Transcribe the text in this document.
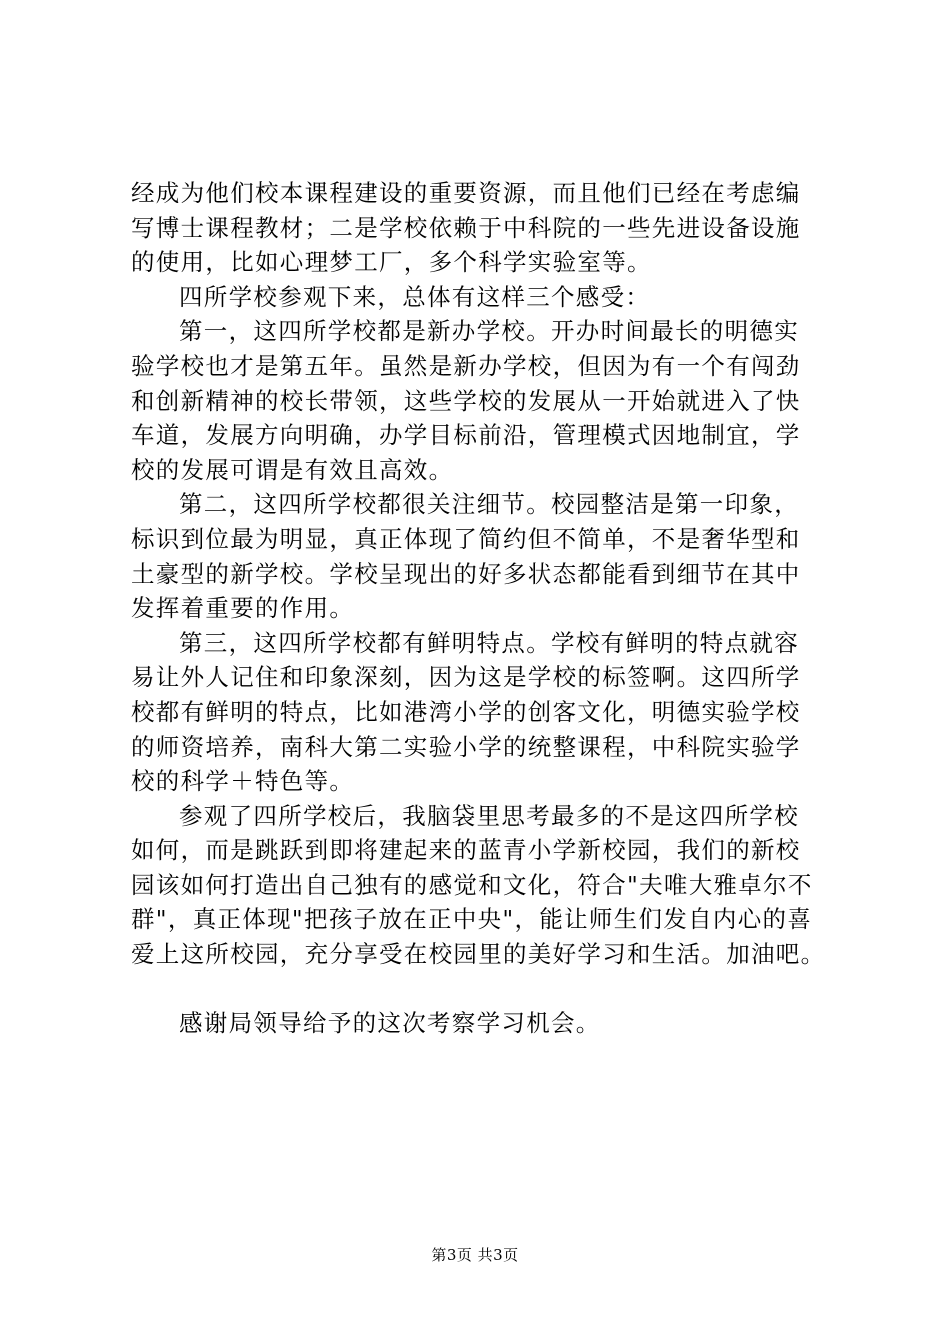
经成为他们校本课程建设的重要资源，而且他们已经在考虑编
写博士课程教材；二是学校依赖于中科院的一些先进设备设施
的使用，比如心理梦工厂，多个科学实验室等。
四所学校参观下来，总体有这样三个感受：
第一，这四所学校都是新办学校。开办时间最长的明德实
验学校也才是第五年。虽然是新办学校，但因为有一个有闯劲
和创新精神的校长带领，这些学校的发展从一开始就进入了快
车道，发展方向明确，办学目标前沿，管理模式因地制宜，学
校的发展可谓是有效且高效。
第二，这四所学校都很关注细节。校园整洁是第一印象，
标识到位最为明显，真正体现了简约但不简单，不是奢华型和
土豪型的新学校。学校呈现出的好多状态都能看到细节在其中
发挥着重要的作用。
第三，这四所学校都有鲜明特点。学校有鲜明的特点就容
易让外人记住和印象深刻，因为这是学校的标签啊。这四所学
校都有鲜明的特点，比如港湾小学的创客文化，明德实验学校
的师资培养，南科大第二实验小学的统整课程，中科院实验学
校的科学＋特色等。
参观了四所学校后，我脑袋里思考最多的不是这四所学校
如何，而是跳跃到即将建起来的蓝青小学新校园，我们的新校
园该如何打造出自己独有的感觉和文化，符合"夫唯大雅卓尔不
群"，真正体现"把孩子放在正中央"，能让师生们发自内心的喜
爱上这所校园，充分享受在校园里的美好学习和生活。加油吧。
感谢局领导给予的这次考察学习机会。
第3页 共3页
